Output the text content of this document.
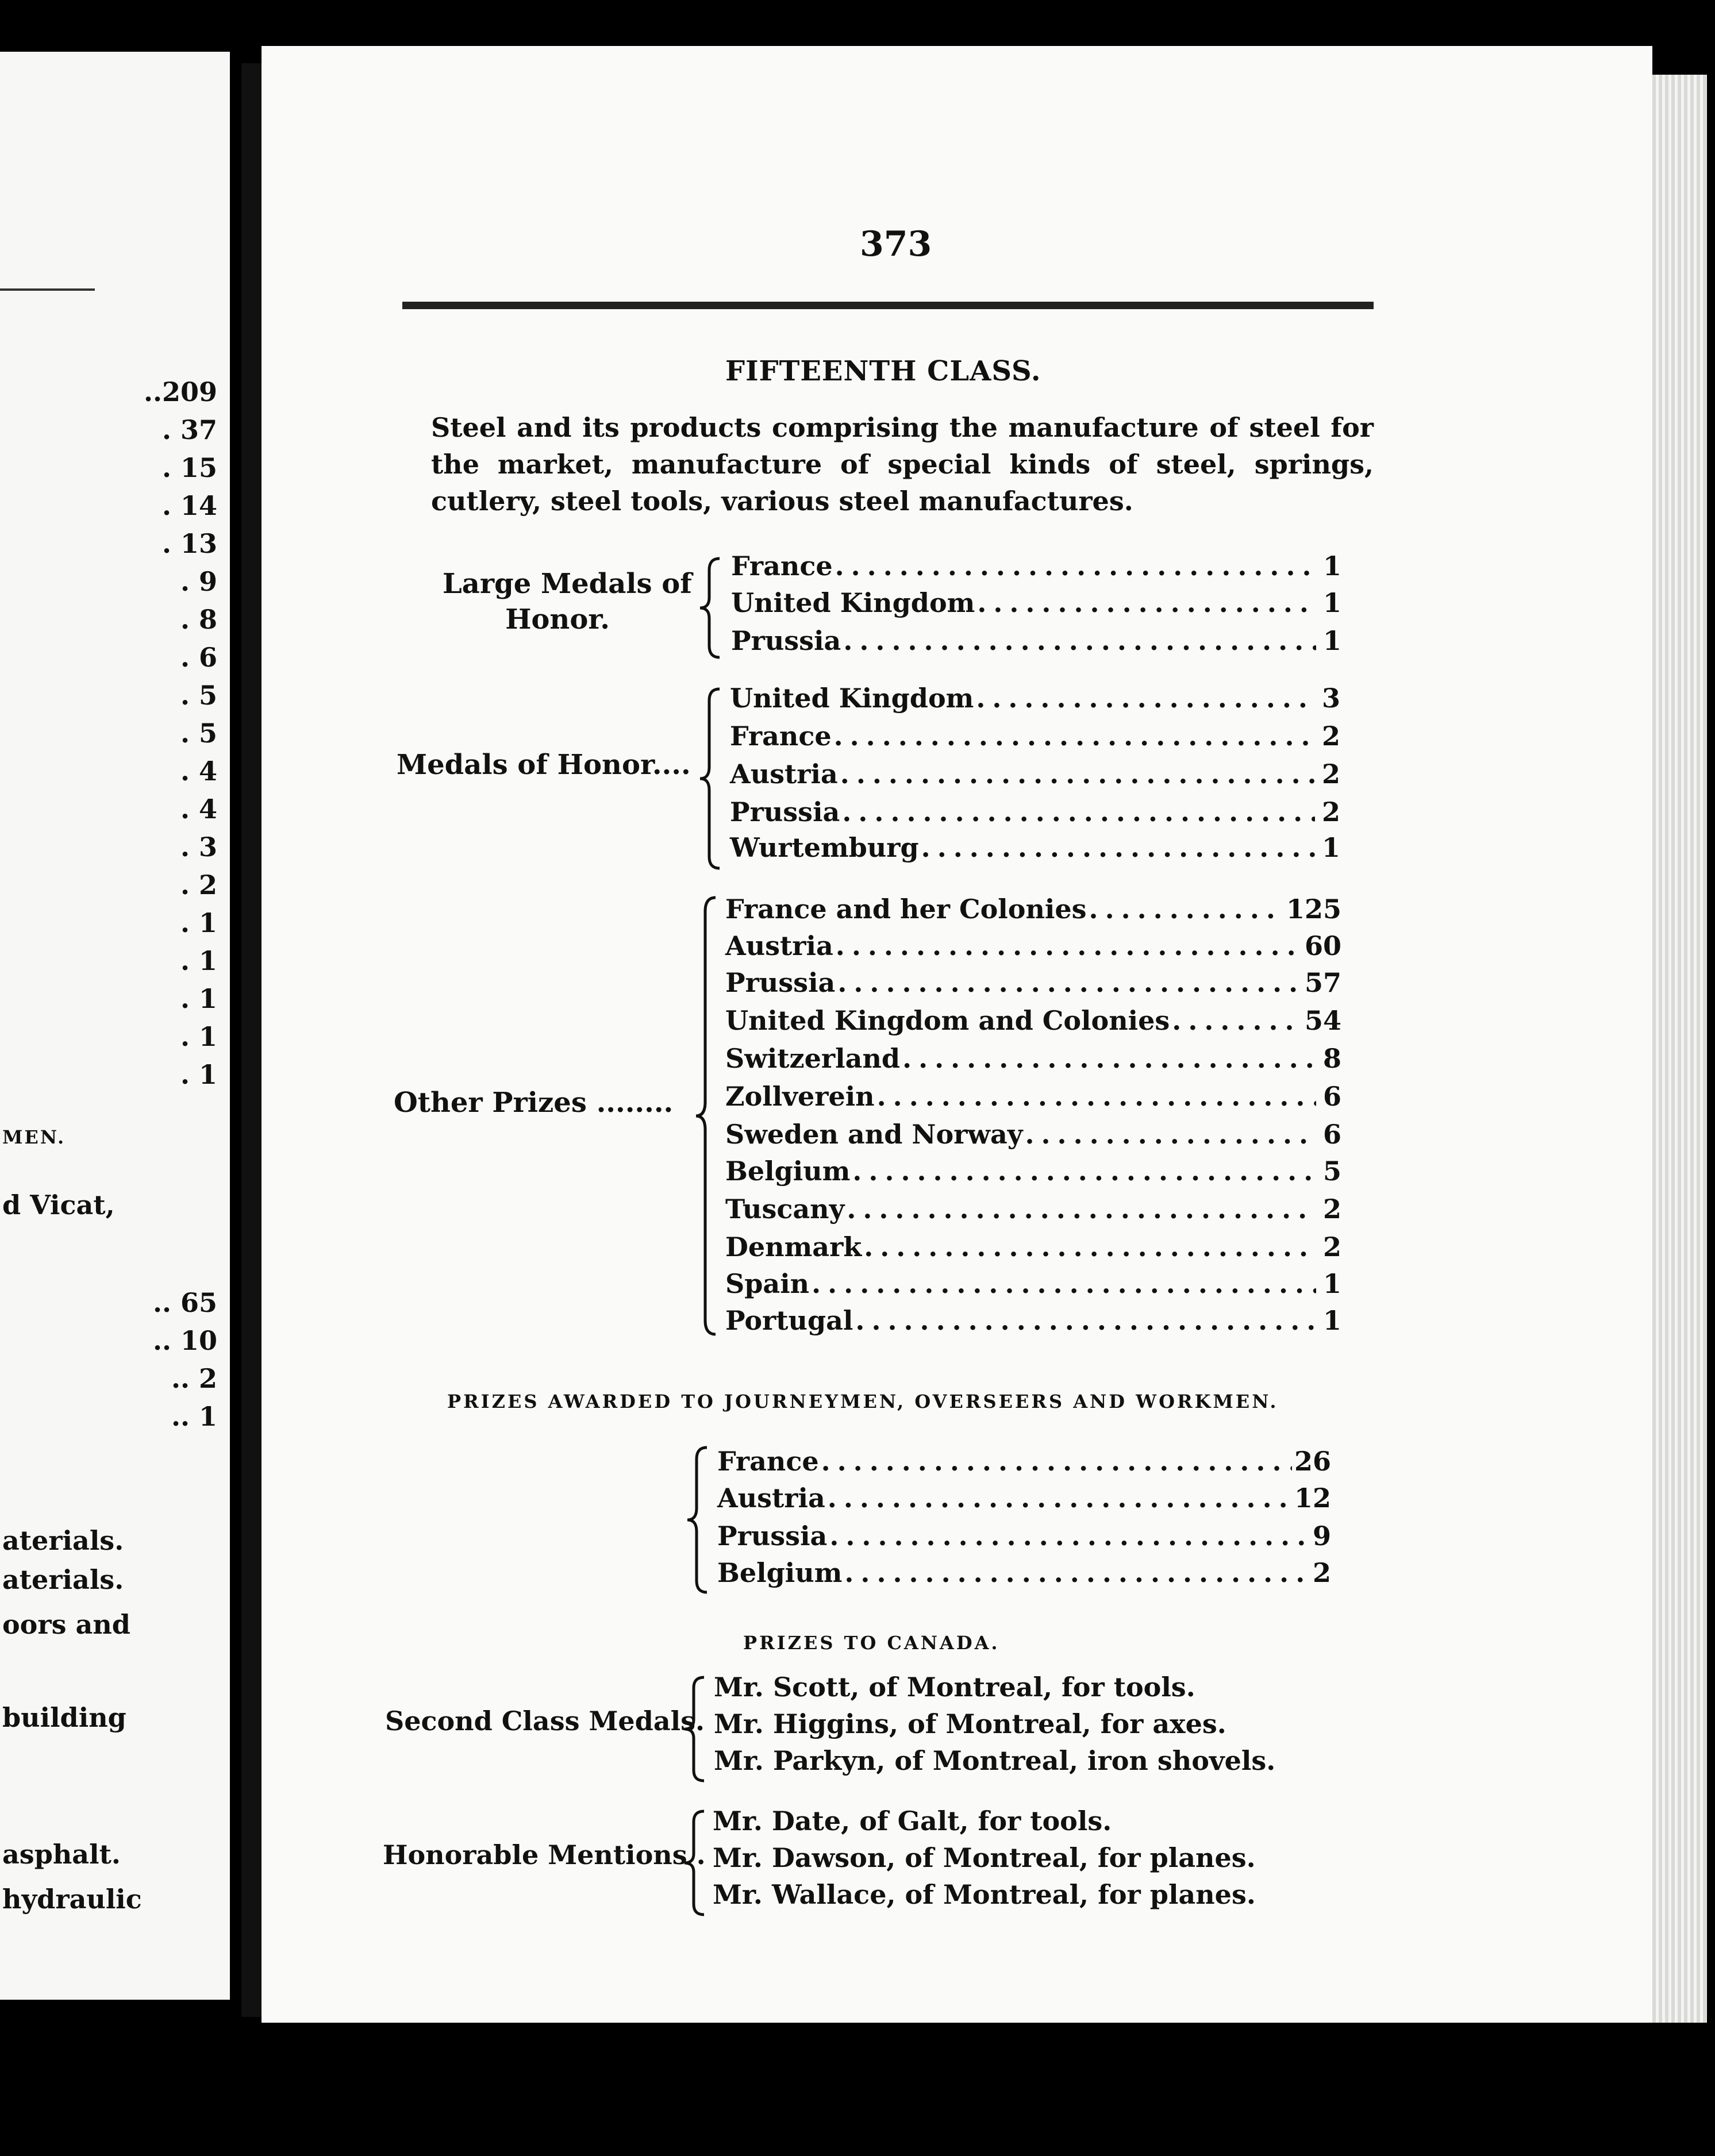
..209
. 37
. 15
. 14
. 13
. 9
. 8
. 6
. 5
. 5
. 4
. 4
. 3
. 2
. 1
. 1
. 1
. 1
. 1
MEN.
d Vicat,
.. 65
.. 10
.. 2
.. 1
aterials.
aterials.
oors and
building
asphalt.
hydraulic
373
FIFTEENTH CLASS.
Steel and its products comprising the manufacture of steel for the market, manufacture of special kinds of steel, springs, cutlery, steel tools, various steel manufactures.
Large Medals of
Honor.
France . . .	1
United Kingdom . . .	1
Prussia . . .	1
Medals of Honor....
United Kingdom . . .	3
France . . .	2
Austria . . .	2
Prussia . . .	2
Wurtemburg . . .	1
Other Prizes ........
France and her Colonies . . .	125
Austria . . .	60
Prussia . . .	57
United Kingdom and Colonies . . .	54
Switzerland . . .	8
Zollverein . . .	6
Sweden and Norway . . .	6
Belgium . . .	5
Tuscany . . .	2
Denmark . . .	2
Spain . . .	1
Portugal . . .	1
PRIZES AWARDED TO JOURNEYMEN, OVERSEERS AND WORKMEN.
France . . .	26
Austria . . .	12
Prussia . . .	9
Belgium . . .	2
PRIZES TO CANADA.
Second Class Medals.
Mr. Scott, of Montreal, for tools.
Mr. Higgins, of Montreal, for axes.
Mr. Parkyn, of Montreal, iron shovels.
Honorable Mentions .
Mr. Date, of Galt, for tools.
Mr. Dawson, of Montreal, for planes.
Mr. Wallace, of Montreal, for planes.
